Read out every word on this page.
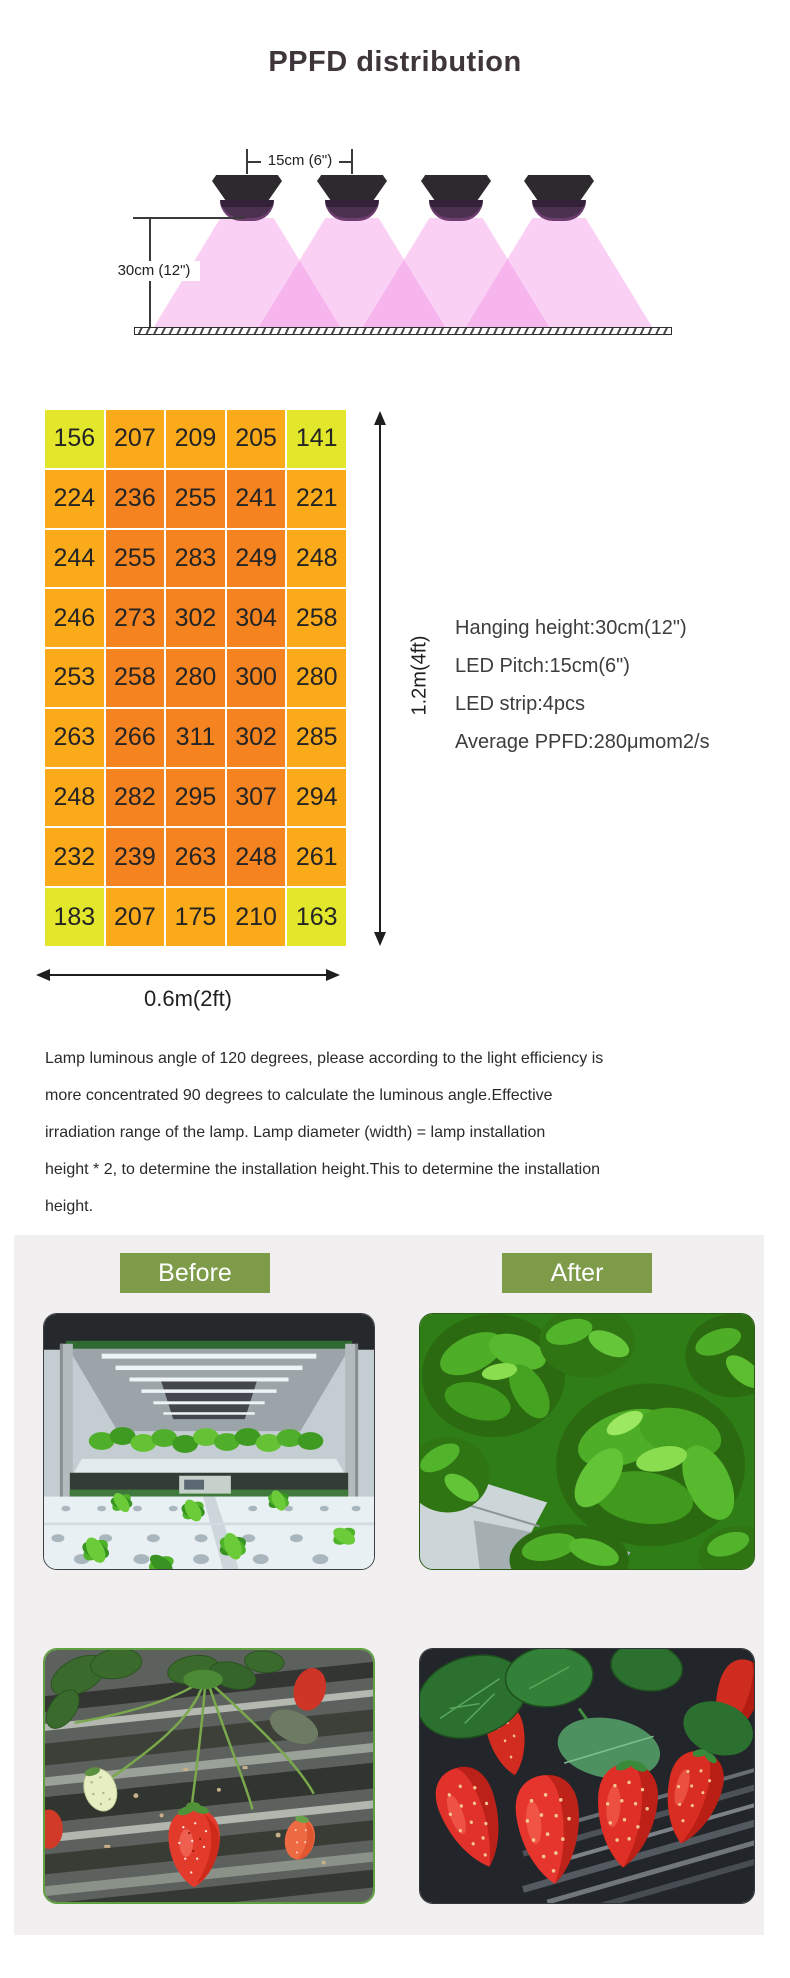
PPFD distribution
15cm (6")
30cm (12")
156 207 209 205 141
224 236 255 241 221
244 255 283 249 248
246 273 302 304 258
253 258 280 300 280
263 266 311 302 285
248 282 295 307 294
232 239 263 248 261
183 207 175 210 163
1.2m(4ft)
0.6m(2ft)
Hanging height:30cm(12")
LED Pitch:15cm(6")
LED strip:4pcs
Average PPFD:280μmom2/s
Lamp luminous angle of 120 degrees, please according to the light efficiency is
more concentrated 90 degrees to calculate the luminous angle.Effective
irradiation range of the lamp. Lamp diameter (width) = lamp installation
height * 2, to determine the installation height.This to determine the installation
height.
Before	After
